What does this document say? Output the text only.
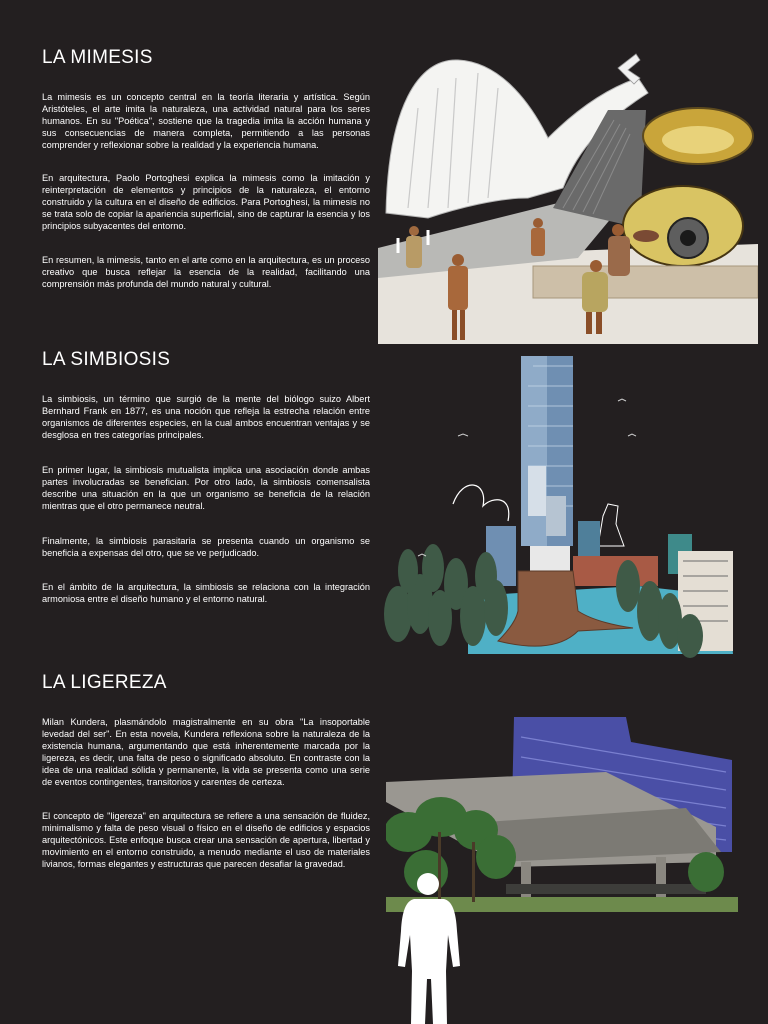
LA MIMESIS

La mimesis es un concepto central en la teoría literaria y artística. Según Aristóteles, el arte imita la naturaleza, una actividad natural para los seres humanos. En su "Poética", sostiene que la tragedia imita la acción humana y sus consecuencias de manera completa, permitiendo a las personas comprender y reflexionar sobre la realidad y la experiencia humana.

En arquitectura, Paolo Portoghesi explica la mimesis como la imitación y reinterpretación de elementos y principios de la naturaleza, el entorno construido y la cultura en el diseño de edificios. Para Portoghesi, la mimesis no se trata solo de copiar la apariencia superficial, sino de capturar la esencia y los principios subyacentes del entorno.

En resumen, la mimesis, tanto en el arte como en la arquitectura, es un proceso creativo que busca reflejar la esencia de la realidad, facilitando una comprensión más profunda del mundo natural y cultural.

LA SIMBIOSIS

La simbiosis, un término que surgió de la mente del biólogo suizo Albert Bernhard Frank en 1877, es una noción que refleja la estrecha relación entre organismos de diferentes especies, en la cual ambos encuentran ventajas y se desglosa en tres categorías principales.

En primer lugar, la simbiosis mutualista implica una asociación donde ambas partes involucradas se benefician. Por otro lado, la simbiosis comensalista describe una situación en la que un organismo se beneficia de la relación mientras que el otro permanece neutral.

Finalmente, la simbiosis parasitaria se presenta cuando un organismo se beneficia a expensas del otro, que se ve perjudicado.

En el ámbito de la arquitectura, la simbiosis se relaciona con la integración armoniosa entre el diseño humano y el entorno natural.

LA LIGEREZA

Milan Kundera, plasmándolo magistralmente en su obra "La insoportable levedad del ser". En esta novela, Kundera reflexiona sobre la naturaleza de la existencia humana, argumentando que está inherentemente marcada por la ligereza, es decir, una falta de peso o significado absoluto. En contraste con la idea de una realidad sólida y permanente, la vida se presenta como una serie de eventos contingentes, transitorios y carentes de certeza.

El concepto de "ligereza" en arquitectura se refiere a una sensación de fluidez, minimalismo y falta de peso visual o físico en el diseño de edificios y espacios arquitectónicos. Este enfoque busca crear una sensación de apertura, libertad y movimiento en el entorno construido, a menudo mediante el uso de materiales livianos, formas elegantes y estructuras que parecen desafiar la gravedad.
